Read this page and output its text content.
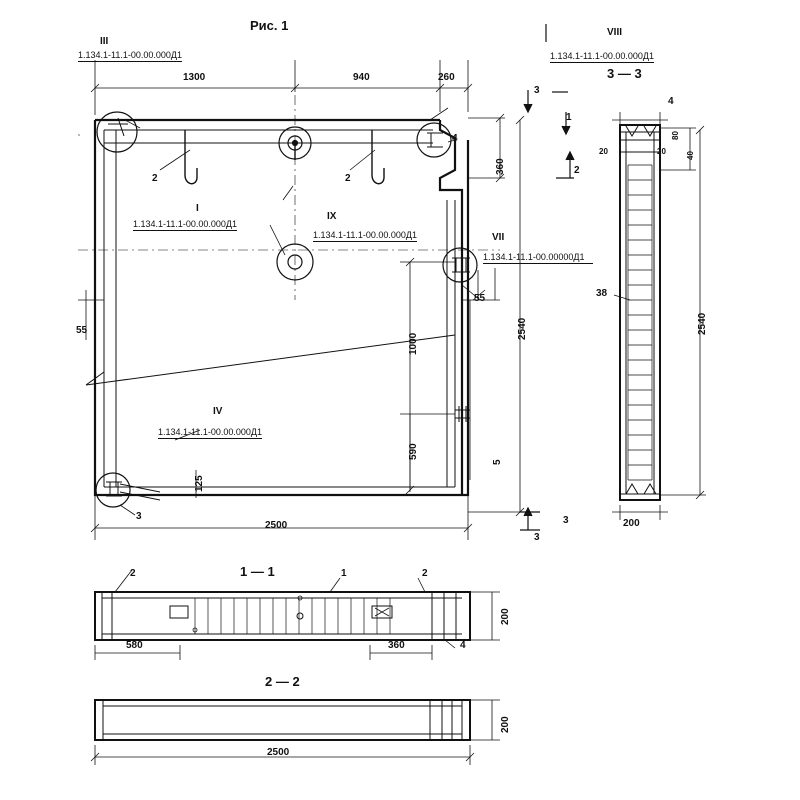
Рис. 1
III
1.134.1-11.1-00.00.000Д1
I
1.134.1-11.1-00.00.000Д1
IX
1.134.1-11.1-00.00.000Д1
VIII
1.134.1-11.1-00.00.000Д1
VII
1.134.1-11.1-00.00000Д1
IV
1.134.1-11.1-00.00.000Д1
3 — 3
1 — 1
2 — 2
1300	940	260
360
2540
55
1000
590
55
5
125
2500
20	20	40
80
2540
200
38
580	360
200
2500
200
2	2
2	2
4
4
4
3	3
3
3
1
2
1
